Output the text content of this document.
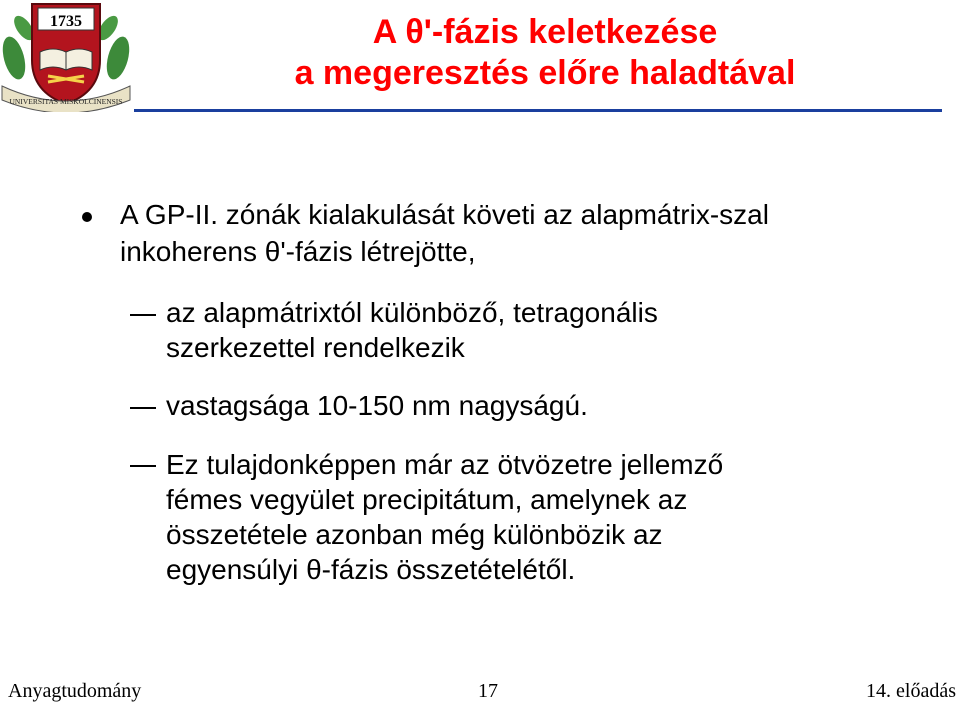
1735
UNIVERSITAS MISKOLCINENSIS
A θ'-fázis keletkezése
a megeresztés előre haladtával

A GP-II. zónák kialakulását követi az alapmátrix-szal

inkoherens θ'-fázis létrejötte,

az alapmátrixtól különböző, tetragonális

szerkezettel rendelkezik

vastagsága 10-150 nm nagyságú.

Ez tulajdonképpen már az ötvözetre jellemző

fémes vegyület precipitátum, amelynek az

összetétele azonban még különbözik az

egyensúlyi θ-fázis összetételétől.

Anyagtudomány	17	14. előadás
